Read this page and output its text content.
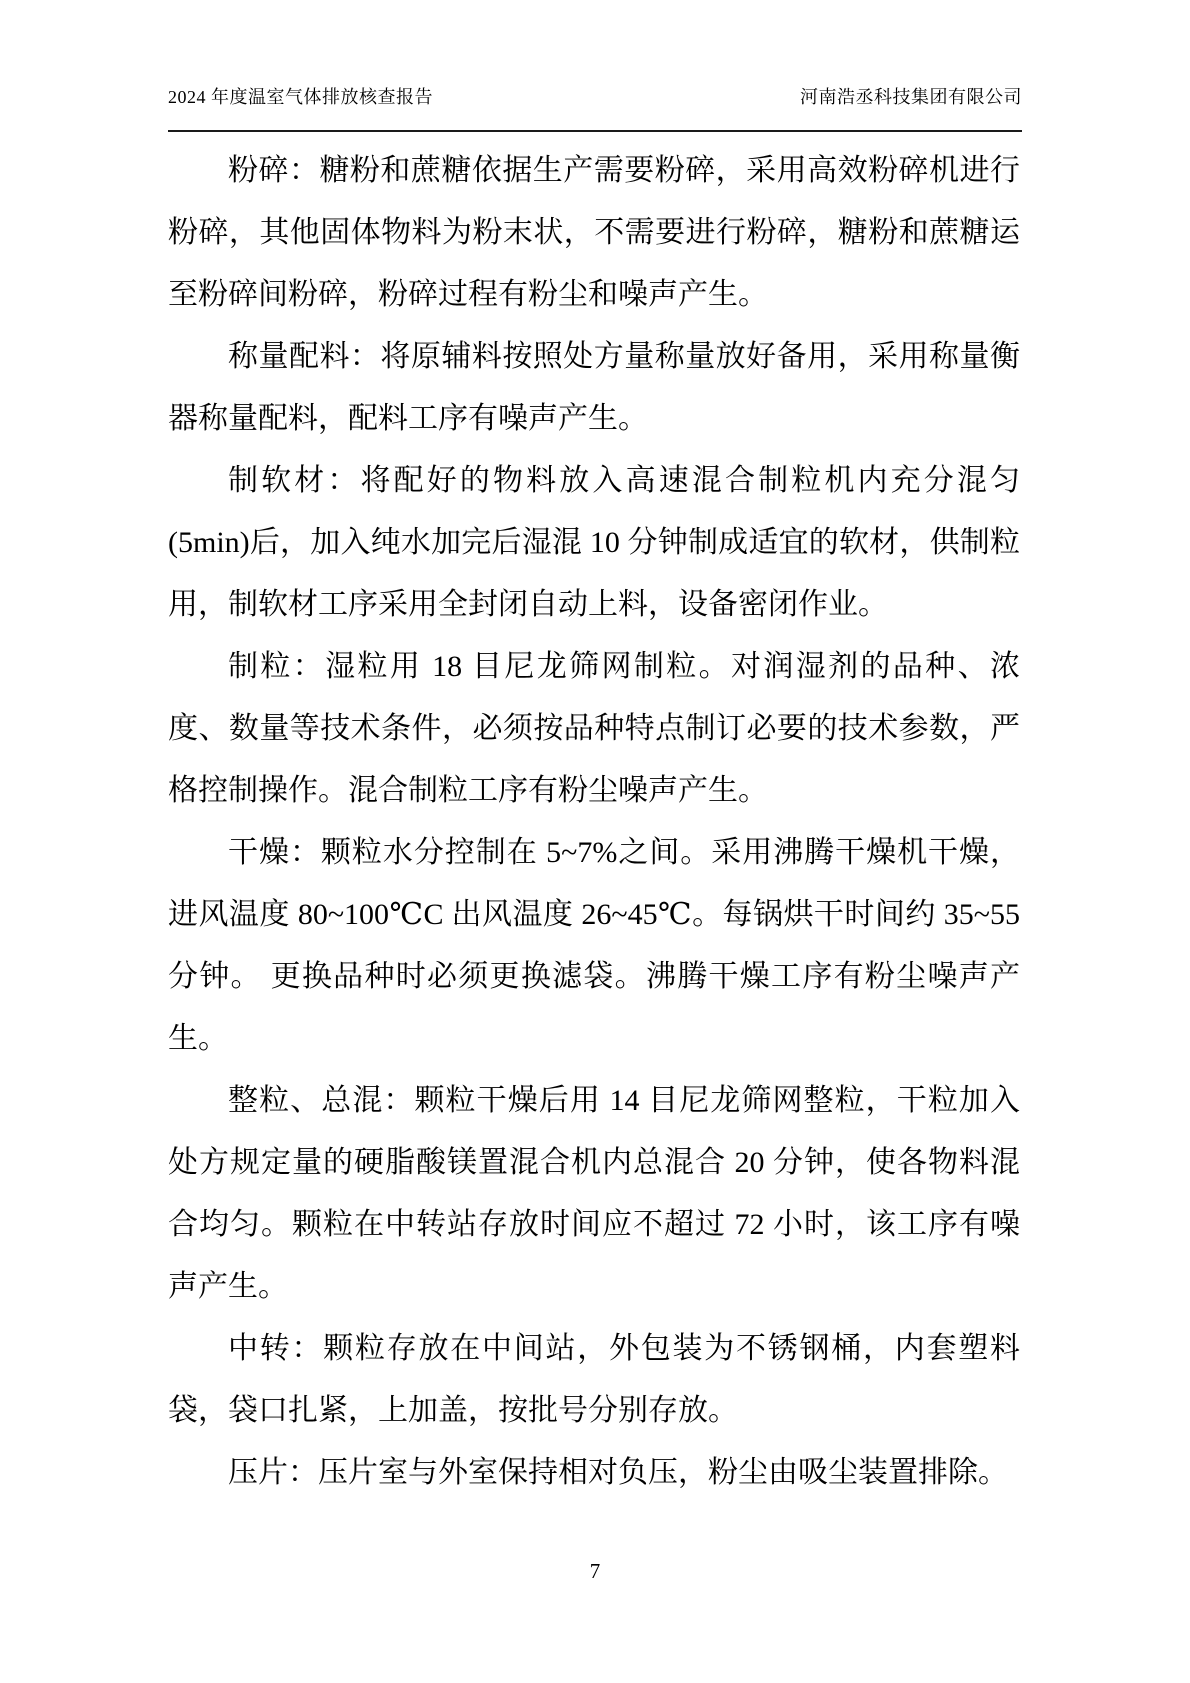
2024 年度温室气体排放核查报告	河南浩丞科技集团有限公司

粉碎：糖粉和蔗糖依据生产需要粉碎，采用高效粉碎机进行粉碎，其他固体物料为粉末状，不需要进行粉碎，糖粉和蔗糖运至粉碎间粉碎，粉碎过程有粉尘和噪声产生。

称量配料：将原辅料按照处方量称量放好备用，采用称量衡器称量配料，配料工序有噪声产生。

制软材：将配好的物料放入高速混合制粒机内充分混匀(5min)后，加入纯水加完后湿混 10 分钟制成适宜的软材，供制粒用，制软材工序采用全封闭自动上料，设备密闭作业。

制粒：湿粒用 18 目尼龙筛网制粒。对润湿剂的品种、浓度、数量等技术条件，必须按品种特点制订必要的技术参数，严格控制操作。混合制粒工序有粉尘噪声产生。

干燥：颗粒水分控制在 5~7%之间。采用沸腾干燥机干燥，进风温度 80~100℃C 出风温度 26~45℃。每锅烘干时间约 35~55 分钟。 更换品种时必须更换滤袋。沸腾干燥工序有粉尘噪声产生。

整粒、总混：颗粒干燥后用 14 目尼龙筛网整粒，干粒加入处方规定量的硬脂酸镁置混合机内总混合 20 分钟，使各物料混合均匀。颗粒在中转站存放时间应不超过 72 小时，该工序有噪声产生。

中转：颗粒存放在中间站，外包装为不锈钢桶，内套塑料袋，袋口扎紧，上加盖，按批号分别存放。

压片：压片室与外室保持相对负压，粉尘由吸尘装置排除。

7
